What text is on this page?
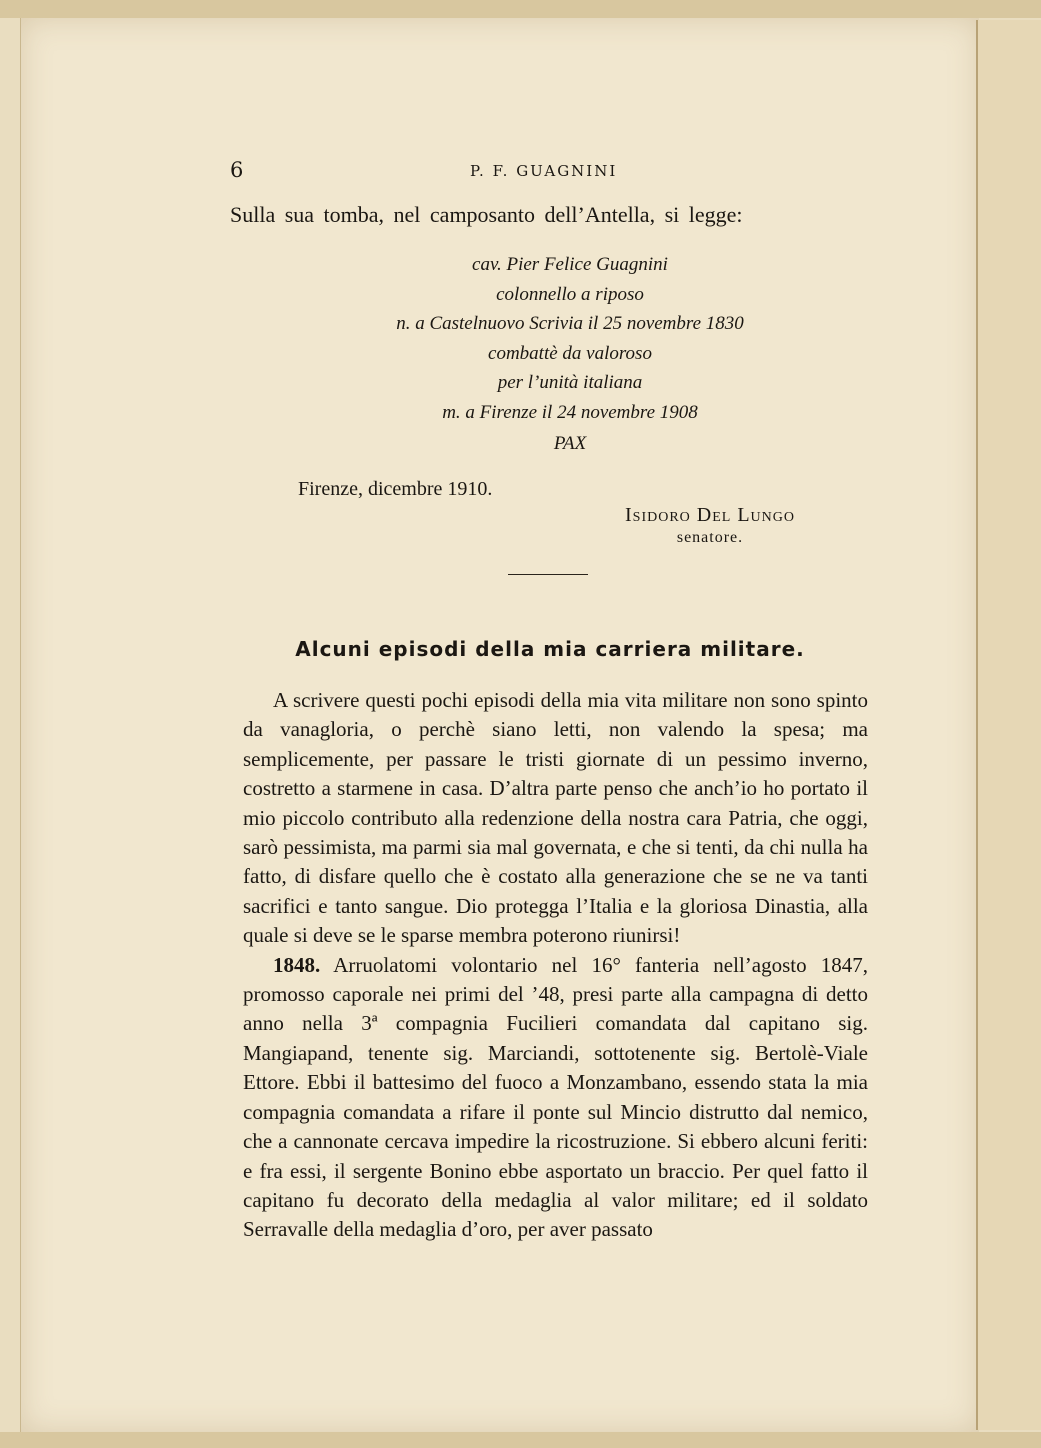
6	P. F. GUAGNINI
Sulla sua tomba, nel camposanto dell’Antella, si legge:
cav. Pier Felice Guagnini
colonnello a riposo
n. a Castelnuovo Scrivia il 25 novembre 1830
combattè da valoroso
per l’unità italiana
m. a Firenze il 24 novembre 1908
PAX
Firenze, dicembre 1910.
Isidoro Del Lungo
senatore.
Alcuni episodi della mia carriera militare.

A scrivere questi pochi episodi della mia vita militare non sono spinto da vanagloria, o perchè siano letti, non valendo la spesa; ma semplicemente, per passare le tristi giornate di un pessimo inverno, costretto a starmene in casa. D’altra parte penso che anch’io ho portato il mio piccolo contributo alla redenzione della nostra cara Patria, che oggi, sarò pessimista, ma parmi sia mal governata, e che si tenti, da chi nulla ha fatto, di disfare quello che è costato alla generazione che se ne va tanti sacrifici e tanto sangue. Dio protegga l’Italia e la gloriosa Dinastia, alla quale si deve se le sparse membra poterono riunirsi!

1848. Arruolatomi volontario nel 16° fanteria nell’agosto 1847, promosso caporale nei primi del ’48, presi parte alla campagna di detto anno nella 3ª compagnia Fucilieri comandata dal capitano sig. Mangiapand, tenente sig. Marciandi, sottotenente sig. Bertolè-Viale Ettore. Ebbi il battesimo del fuoco a Monzambano, essendo stata la mia compagnia comandata a rifare il ponte sul Mincio distrutto dal nemico, che a cannonate cercava impedire la ricostruzione. Si ebbero alcuni feriti: e fra essi, il sergente Bonino ebbe asportato un braccio. Per quel fatto il capitano fu decorato della medaglia al valor militare; ed il soldato Serravalle della medaglia d’oro, per aver passato
